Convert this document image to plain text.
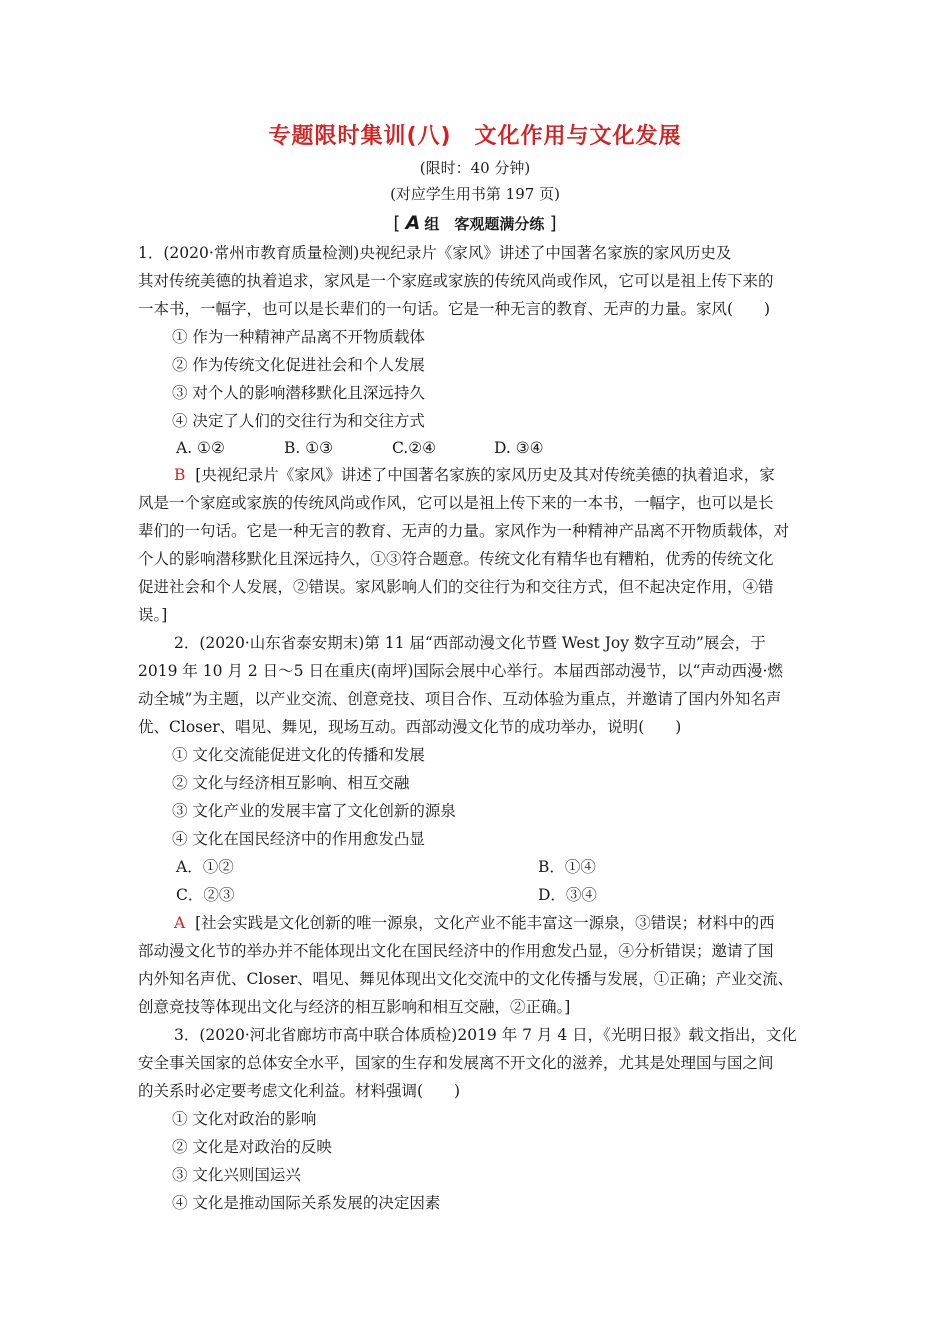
专题限时集训(八)　文化作用与文化发展
(限时：40 分钟)
(对应学生用书第 197 页)
[ A 组　客观题满分练 ]
1．(2020·常州市教育质量检测)央视纪录片《家风》讲述了中国著名家族的家风历史及
其对传统美德的执着追求，家风是一个家庭或家族的传统风尚或作风，它可以是祖上传下来的
一本书，一幅字，也可以是长辈们的一句话。它是一种无言的教育、无声的力量。家风(　　)
① 作为一种精神产品离不开物质载体
② 作为传统文化促进社会和个人发展
③ 对个人的影响潜移默化且深远持久
④ 决定了人们的交往行为和交往方式
A. ①②	B. ①③	C.②④	D. ③④
B [央视纪录片《家风》讲述了中国著名家族的家风历史及其对传统美德的执着追求，家
风是一个家庭或家族的传统风尚或作风，它可以是祖上传下来的一本书，一幅字，也可以是长
辈们的一句话。它是一种无言的教育、无声的力量。家风作为一种精神产品离不开物质载体，对
个人的影响潜移默化且深远持久，①③符合题意。传统文化有精华也有糟粕，优秀的传统文化
促进社会和个人发展，②错误。家风影响人们的交往行为和交往方式，但不起决定作用，④错
误。]
2．(2020·山东省泰安期末)第 11 届“西部动漫文化节暨 West Joy 数字互动”展会，于
2019 年 10 月 2 日～5 日在重庆(南坪)国际会展中心举行。本届西部动漫节，以“声动西漫·燃
动全城”为主题，以产业交流、创意竞技、项目合作、互动体验为重点，并邀请了国内外知名声
优、Closer、唱见、舞见，现场互动。西部动漫文化节的成功举办，说明(　　)
① 文化交流能促进文化的传播和发展
② 文化与经济相互影响、相互交融
③ 文化产业的发展丰富了文化创新的源泉
④ 文化在国民经济中的作用愈发凸显
A．①②	B．①④
C．②③	D．③④
A [社会实践是文化创新的唯一源泉，文化产业不能丰富这一源泉，③错误；材料中的西
部动漫文化节的举办并不能体现出文化在国民经济中的作用愈发凸显，④分析错误；邀请了国
内外知名声优、Closer、唱见、舞见体现出文化交流中的文化传播与发展，①正确；产业交流、
创意竞技等体现出文化与经济的相互影响和相互交融，②正确。]
3．(2020·河北省廊坊市高中联合体质检)2019 年 7 月 4 日，《光明日报》载文指出，文化
安全事关国家的总体安全水平，国家的生存和发展离不开文化的滋养，尤其是处理国与国之间
的关系时必定要考虑文化利益。材料强调(　　)
① 文化对政治的影响
② 文化是对政治的反映
③ 文化兴则国运兴
④ 文化是推动国际关系发展的决定因素
